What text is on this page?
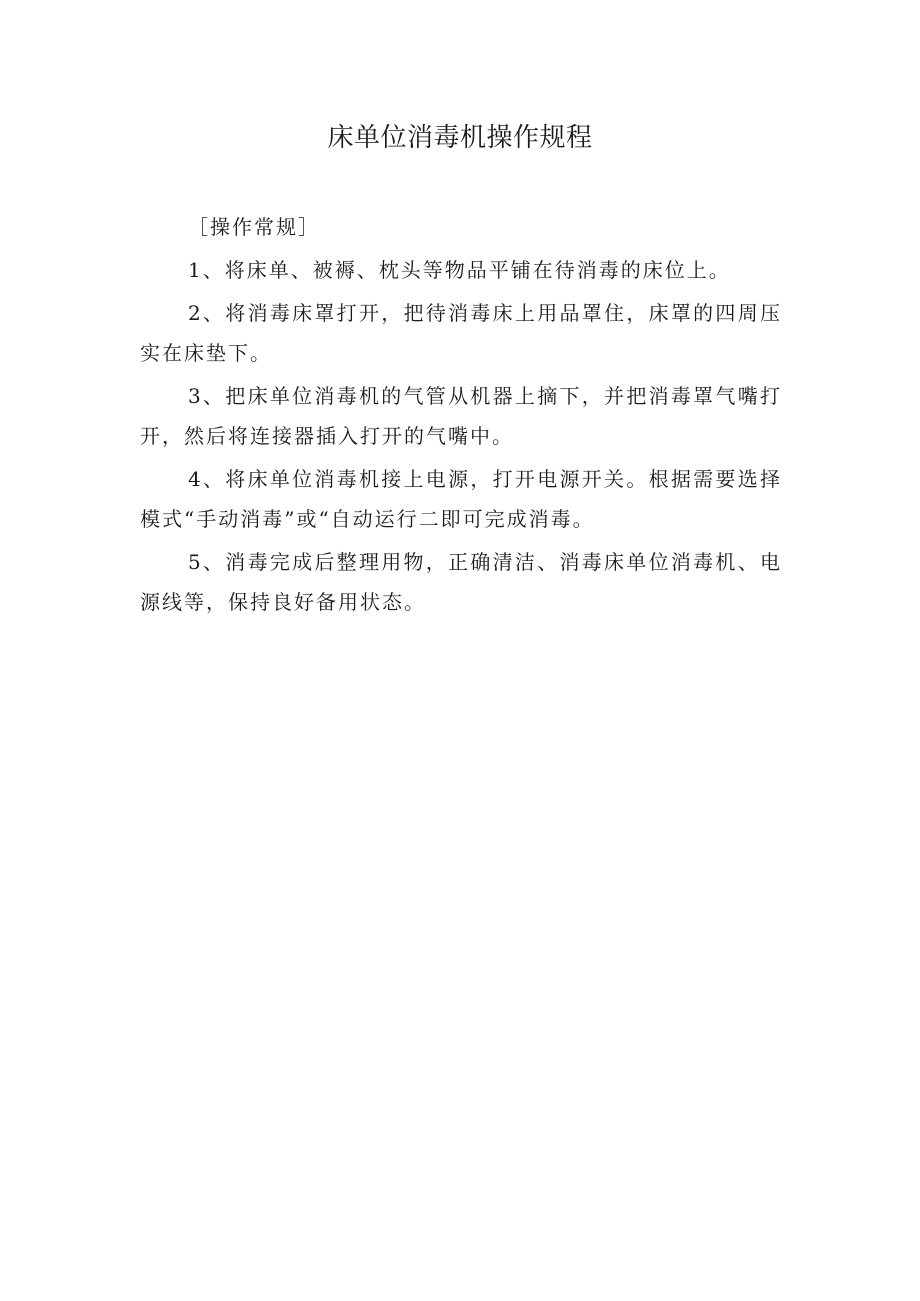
床单位消毒机操作规程

［操作常规］

1、将床单、被褥、枕头等物品平铺在待消毒的床位上。

2、将消毒床罩打开，把待消毒床上用品罩住，床罩的四周压实在床垫下。

3、把床单位消毒机的气管从机器上摘下，并把消毒罩气嘴打开，然后将连接器插入打开的气嘴中。

4、将床单位消毒机接上电源，打开电源开关。根据需要选择模式“手动消毒”或“自动运行二即可完成消毒。

5、消毒完成后整理用物，正确清洁、消毒床单位消毒机、电源线等，保持良好备用状态。
